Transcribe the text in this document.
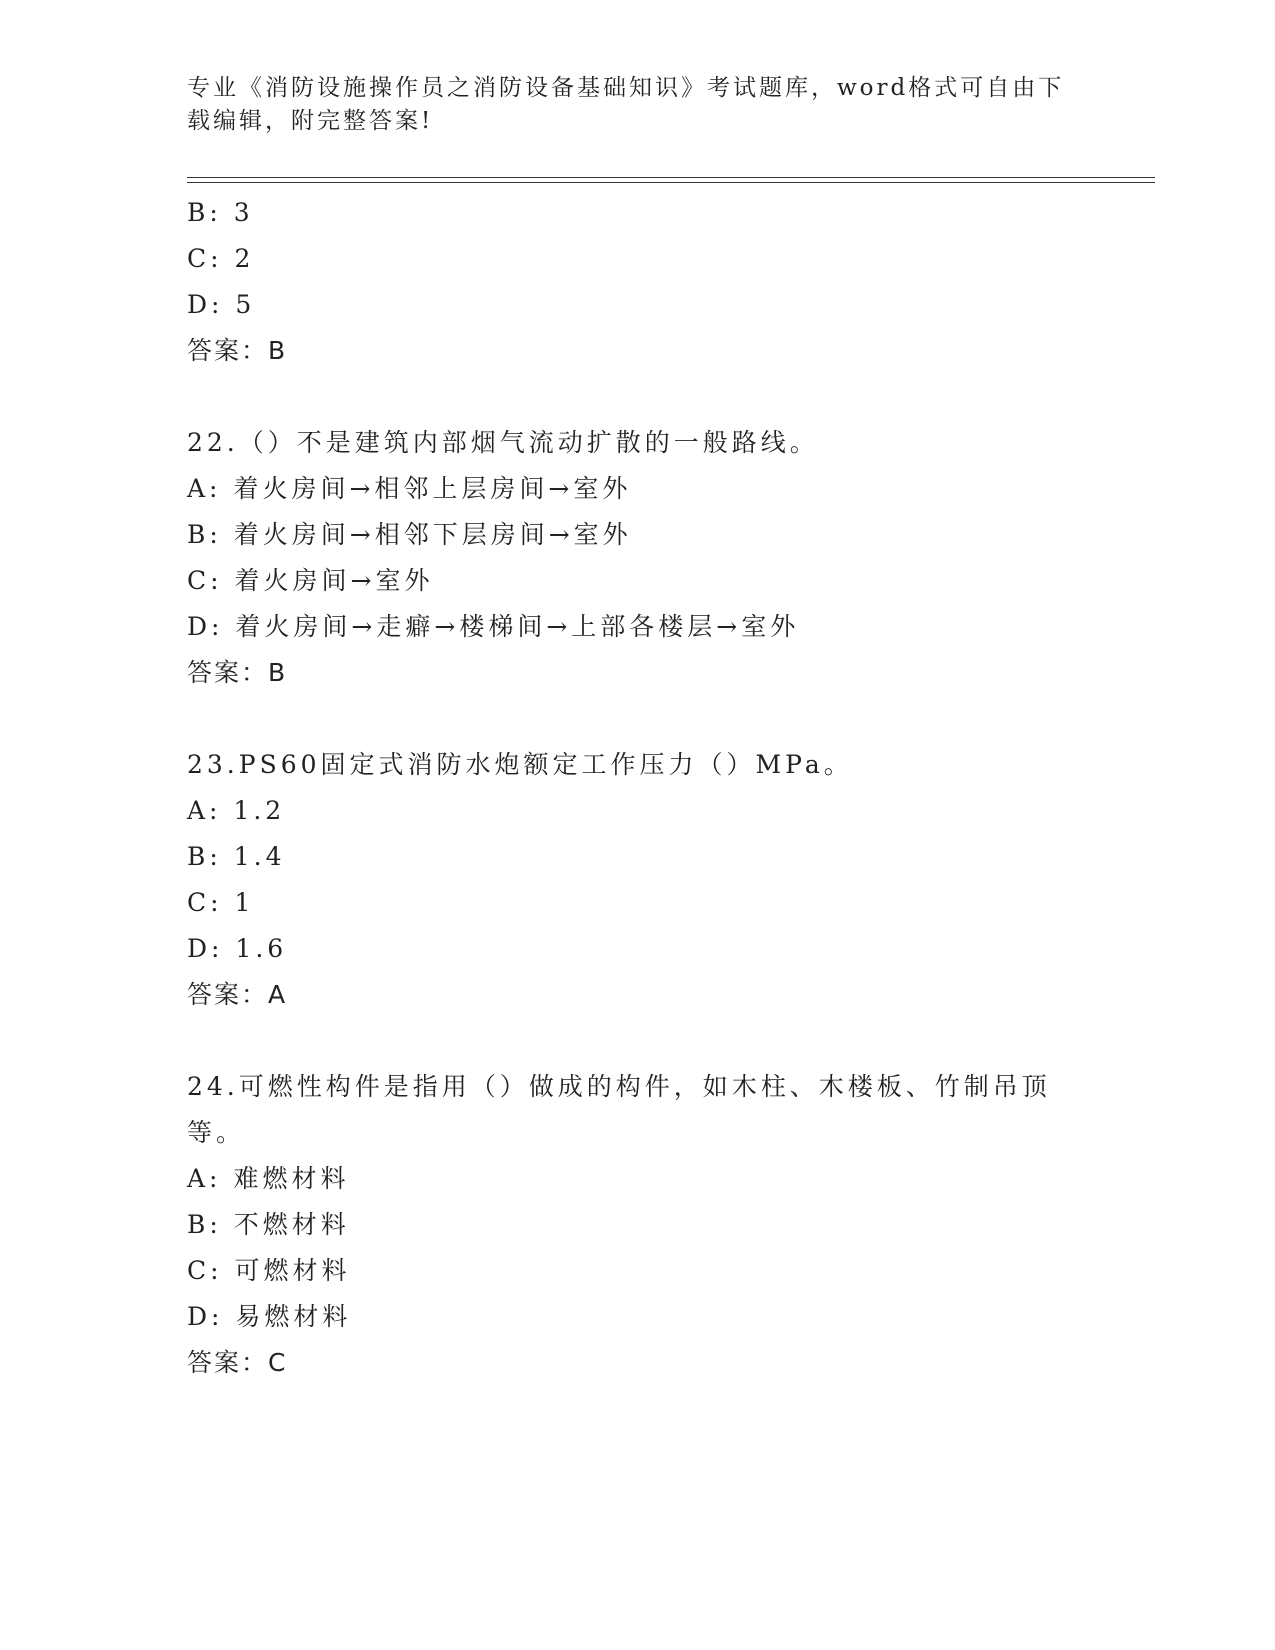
专业《消防设施操作员之消防设备基础知识》考试题库，word格式可自由下载编辑，附完整答案!
B: 3
C: 2
D: 5
答案：B
22.（）不是建筑内部烟气流动扩散的一般路线。
A: 着火房间→相邻上层房间→室外
B: 着火房间→相邻下层房间→室外
C: 着火房间→室外
D: 着火房间→走癖→楼梯间→上部各楼层→室外
答案：B
23.PS60固定式消防水炮额定工作压力（）MPa。
A: 1.2
B: 1.4
C: 1
D: 1.6
答案：A
24.可燃性构件是指用（）做成的构件，如木柱、木楼板、竹制吊顶等。
A: 难燃材料
B: 不燃材料
C: 可燃材料
D: 易燃材料
答案：C
